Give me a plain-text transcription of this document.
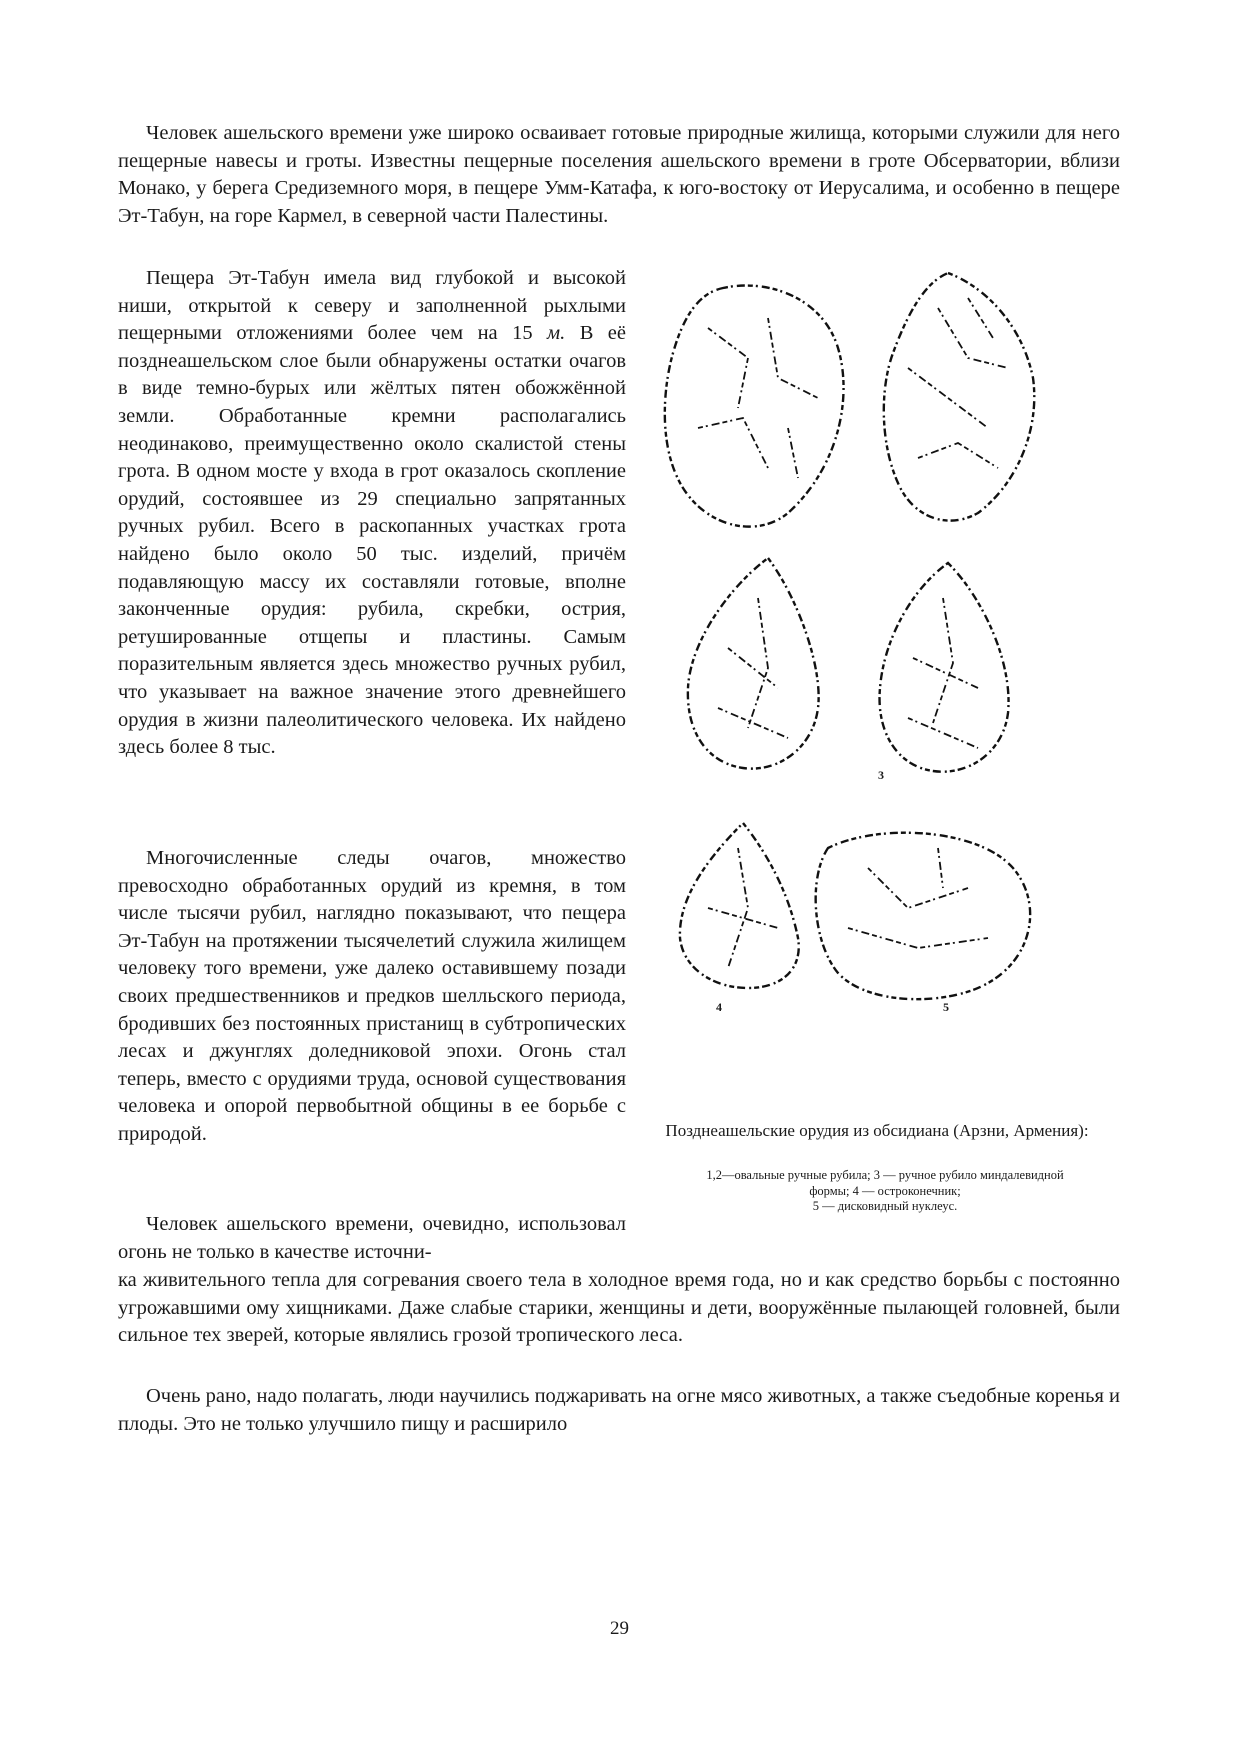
Человек ашельского времени уже широко осваивает готовые природные жилища, которыми служили для него пещерные навесы и гроты. Известны пещерные поселения ашельского времени в гроте Обсерватории, вблизи Монако, у берега Средиземного моря, в пещере Умм-Катафа, к юго-востоку от Иерусалима, и особенно в пещере Эт-Табун, на горе Кармел, в северной части Палестины.

Пещера Эт-Табун имела вид глубокой и высокой ниши, открытой к северу и заполненной рыхлыми пещерными отложениями более чем на 15 м. В её позднеашельском слое были обнаружены остатки очагов в виде темно-бурых или жёлтых пятен обожжённой земли. Обработанные кремни располагались неодинаково, преимущественно около скалистой стены грота. В одном мосте у входа в грот оказалось скопление орудий, состоявшее из 29 специально запрятанных ручных рубил. Всего в раскопанных участках грота найдено было около 50 тыс. изделий, причём подавляющую массу их составляли готовые, вполне законченные орудия: рубила, скребки, острия, ретушированные отщепы и пластины. Самым поразительным является здесь множество ручных рубил, что указывает на важное значение этого древнейшего орудия в жизни палеолитического человека. Их найдено здесь более 8 тыс.

Многочисленные следы очагов, множество превосходно обработанных орудий из кремня, в том числе тысячи рубил, наглядно показывают, что пещера Эт-Табун на протяжении тысячелетий служила жилищем человеку того времени, уже далеко оставившему позади своих предшественников и предков шелльского периода, бродивших без постоянных пристанищ в субтропических лесах и джунглях доледниковой эпохи. Огонь стал теперь, вместо с орудиями труда, основой существования человека и опорой первобытной общины в ее борьбе с природой.

Человек ашельского времени, очевидно, использовал огонь не только в качестве источни-

ка живительного тепла для согревания своего тела в холодное время года, но и как средство борьбы с постоянно угрожавшими ому хищниками. Даже слабые старики, женщины и дети, вооружённые пылающей головней, были сильное тех зверей, которые являлись грозой тропического леса.

Очень рано, надо полагать, люди научились поджаривать на огне мясо животных, а также съедобные коренья и плоды. Это не только улучшило пищу и расширило

3
4	5
Позднеашельские орудия из обсидиана (Арзни, Армения):
1,2—овальные ручные рубила; 3 — ручное рубило миндалевидной
формы; 4 — остроконечник;
5 — дисковидный нуклеус.
29
